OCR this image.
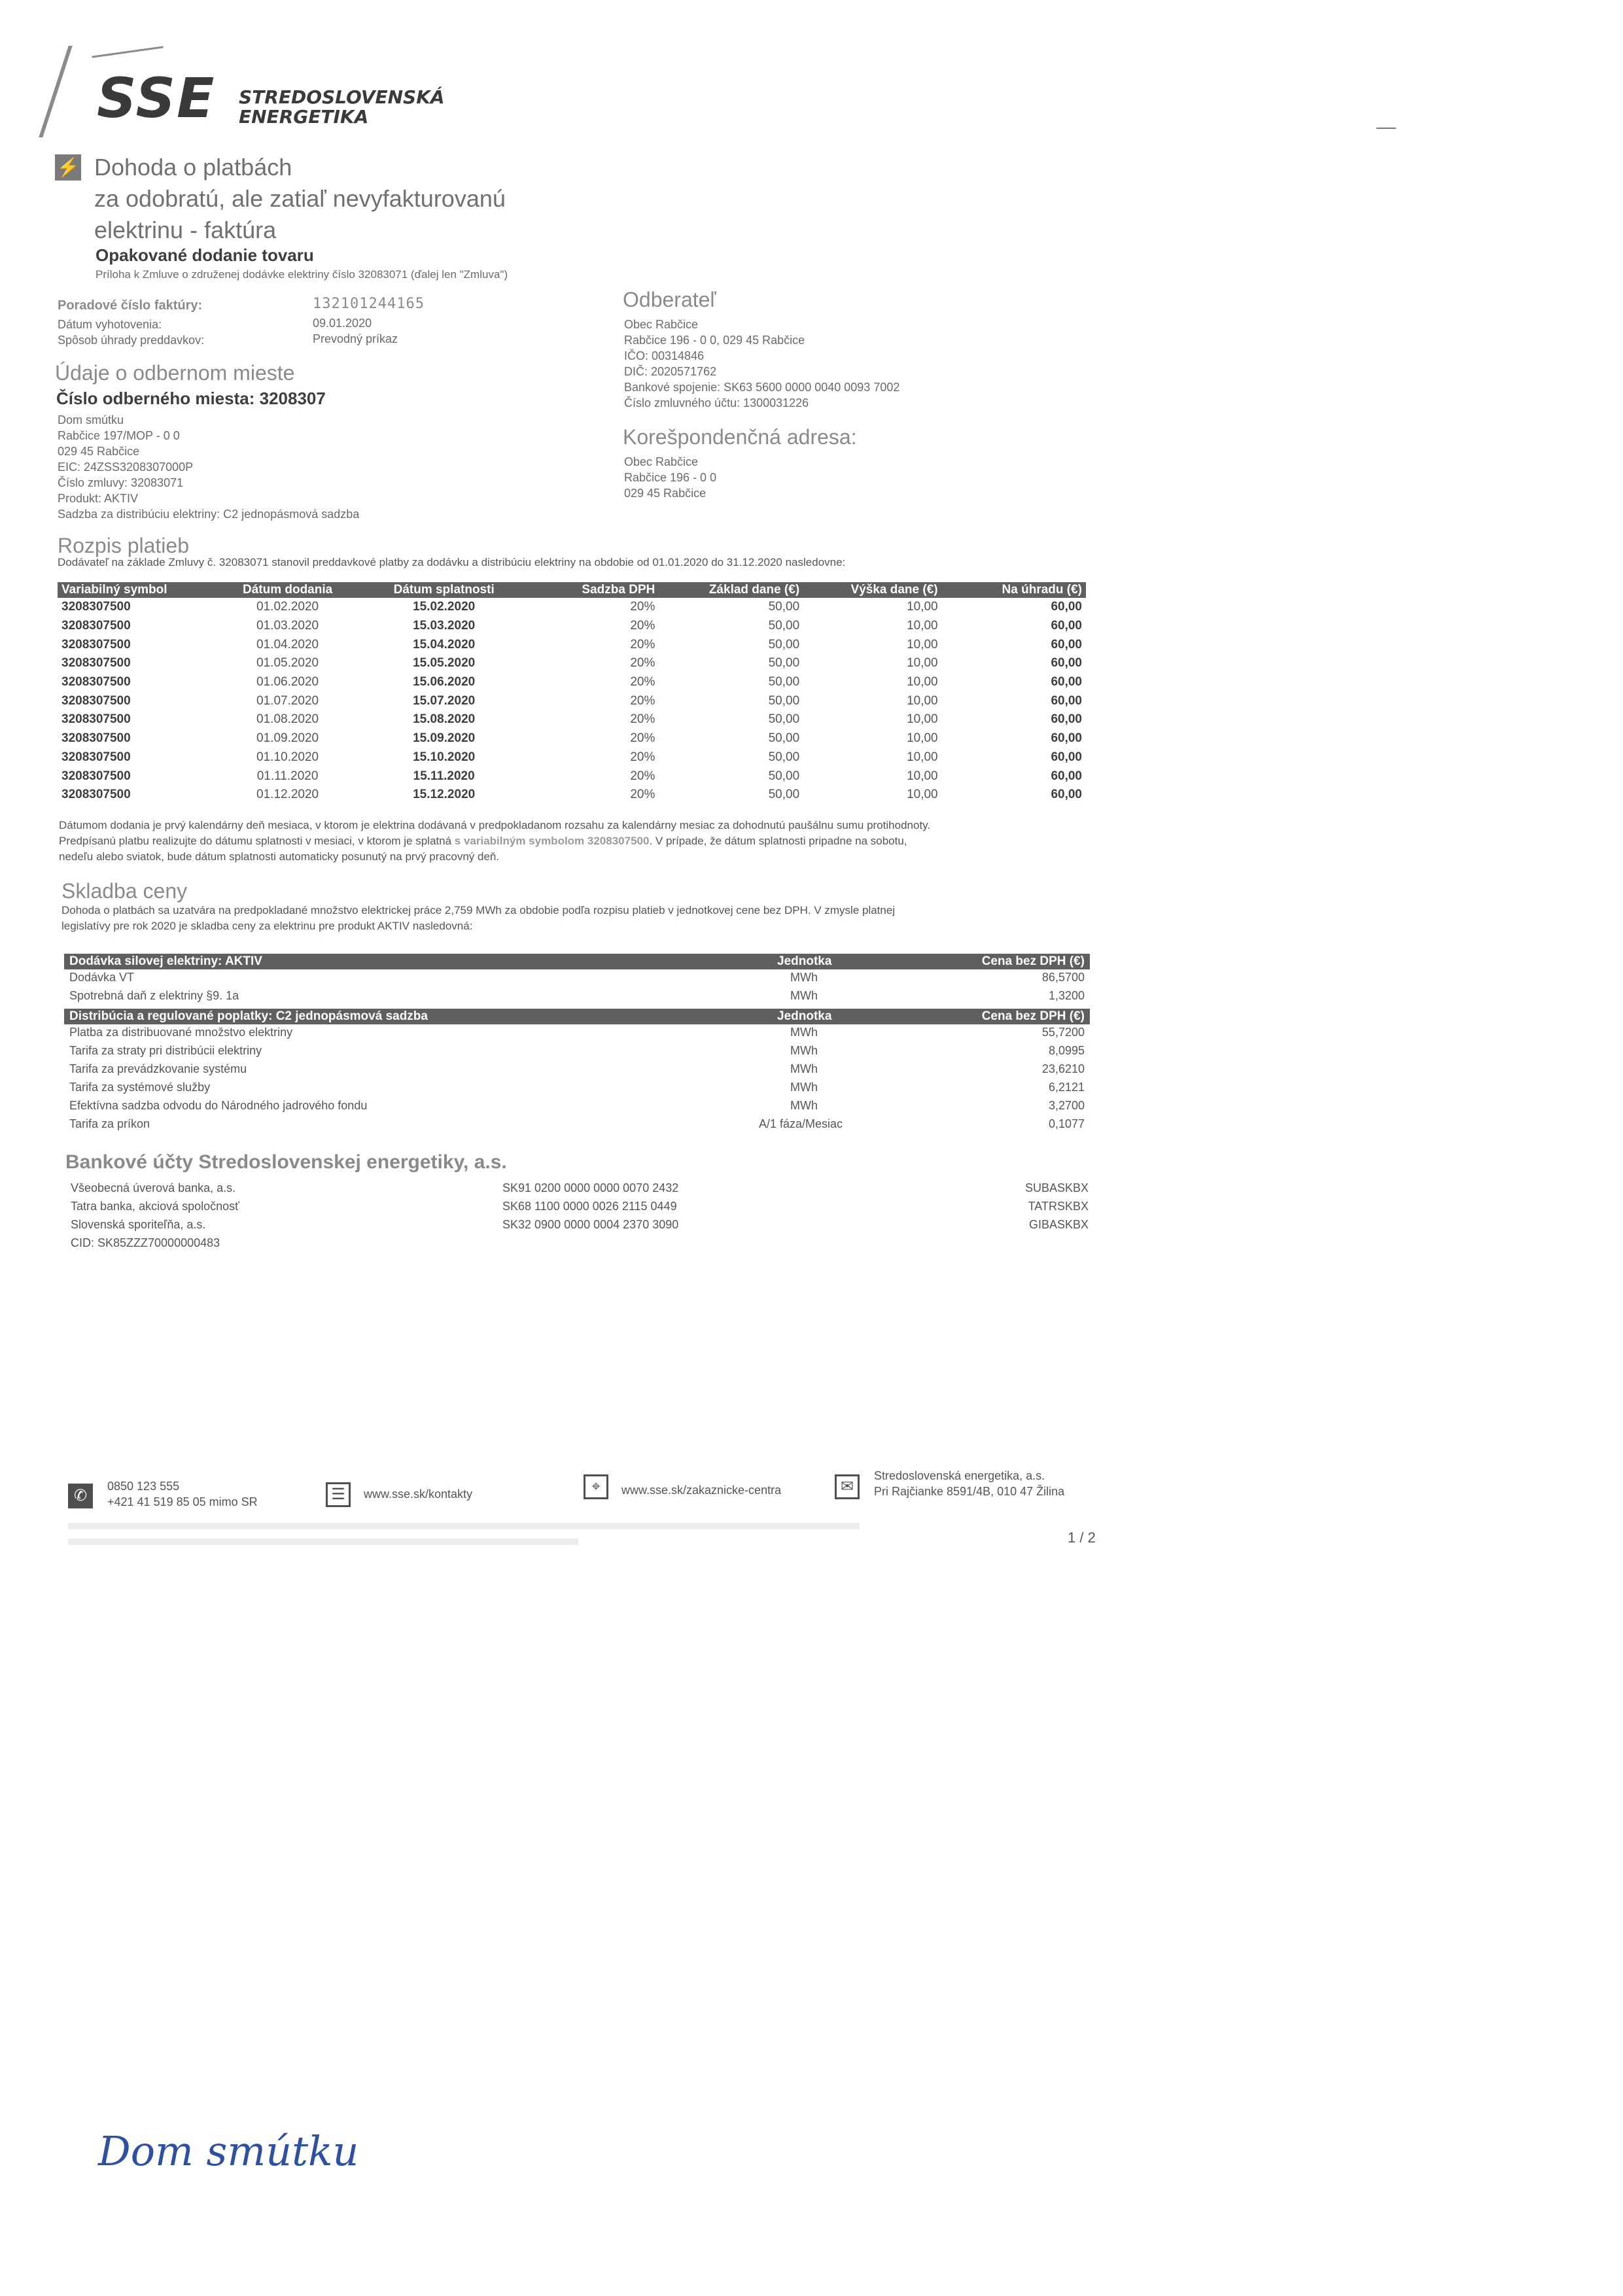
SSE STREDOSLOVENSKÁ
ENERGETIKA
⚡ Dohoda o platbách
za odobratú, ale zatiaľ nevyfakturovanú
elektrinu - faktúra
Opakované dodanie tovaru
Príloha k Zmluve o združenej dodávke elektriny číslo 32083071 (ďalej len "Zmluva")
Poradové číslo faktúry:	132101244165
Dátum vyhotovenia:	09.01.2020
Spôsob úhrady preddavkov:	Prevodný príkaz
Údaje o odbernom mieste
Číslo odberného miesta: 3208307
Dom smútku
Rabčice 197/MOP - 0 0
029 45 Rabčice
EIC: 24ZSS3208307000P
Číslo zmluvy: 32083071
Produkt: AKTIV
Sadzba za distribúciu elektriny: C2 jednopásmová sadzba
Odberateľ
Obec Rabčice
Rabčice 196 - 0 0, 029 45 Rabčice
IČO: 00314846
DIČ: 2020571762
Bankové spojenie: SK63 5600 0000 0040 0093 7002
Číslo zmluvného účtu: 1300031226
Korešpondenčná adresa:
Obec Rabčice
Rabčice 196 - 0 0
029 45 Rabčice
Rozpis platieb
Dodávateľ na základe Zmluvy č. 32083071 stanovil preddavkové platby za dodávku a distribúciu elektriny na obdobie od 01.01.2020 do 31.12.2020 nasledovne:
Variabilný symbol	Dátum dodania	Dátum splatnosti	Sadzba DPH	Základ dane (€)	Výška dane (€)	Na úhradu (€)
3208307500	01.02.2020	15.02.2020	20%	50,00	10,00	60,00
3208307500	01.03.2020	15.03.2020	20%	50,00	10,00	60,00
3208307500	01.04.2020	15.04.2020	20%	50,00	10,00	60,00
3208307500	01.05.2020	15.05.2020	20%	50,00	10,00	60,00
3208307500	01.06.2020	15.06.2020	20%	50,00	10,00	60,00
3208307500	01.07.2020	15.07.2020	20%	50,00	10,00	60,00
3208307500	01.08.2020	15.08.2020	20%	50,00	10,00	60,00
3208307500	01.09.2020	15.09.2020	20%	50,00	10,00	60,00
3208307500	01.10.2020	15.10.2020	20%	50,00	10,00	60,00
3208307500	01.11.2020	15.11.2020	20%	50,00	10,00	60,00
3208307500	01.12.2020	15.12.2020	20%	50,00	10,00	60,00
Dátumom dodania je prvý kalendárny deň mesiaca, v ktorom je elektrina dodávaná v predpokladanom rozsahu za kalendárny mesiac za dohodnutú paušálnu sumu protihodnoty.
Predpísanú platbu realizujte do dátumu splatnosti v mesiaci, v ktorom je splatná s variabilným symbolom 3208307500. V prípade, že dátum splatnosti pripadne na sobotu,
nedeľu alebo sviatok, bude dátum splatnosti automaticky posunutý na prvý pracovný deň.
Skladba ceny
Dohoda o platbách sa uzatvára na predpokladané množstvo elektrickej práce 2,759 MWh za obdobie podľa rozpisu platieb v jednotkovej cene bez DPH. V zmysle platnej
legislatívy pre rok 2020 je skladba ceny za elektrinu pre produkt AKTIV nasledovná:
Dodávka silovej elektriny: AKTIV	Jednotka	Cena bez DPH (€)
Dodávka VT	MWh	86,5700
Spotrebná daň z elektriny §9. 1a	MWh	1,3200
Distribúcia a regulované poplatky: C2 jednopásmová sadzba	Jednotka	Cena bez DPH (€)
Platba za distribuované množstvo elektriny	MWh	55,7200
Tarifa za straty pri distribúcii elektriny	MWh	8,0995
Tarifa za prevádzkovanie systému	MWh	23,6210
Tarifa za systémové služby	MWh	6,2121
Efektívna sadzba odvodu do Národného jadrového fondu	MWh	3,2700
Tarifa za príkon	A/1 fáza/Mesiac	0,1077
Bankové účty Stredoslovenskej energetiky, a.s.
Všeobecná úverová banka, a.s.	SK91 0200 0000 0000 0070 2432	SUBASKBX
Tatra banka, akciová spoločnosť	SK68 1100 0000 0026 2115 0449	TATRSKBX
Slovenská sporiteľňa, a.s.	SK32 0900 0000 0004 2370 3090	GIBASKBX
CID: SK85ZZZ70000000483
✆
0850 123 555
+421 41 519 85 05 mimo SR	☰	www.sse.sk/kontakty	⌖	www.sse.sk/zakaznicke-centra	✉
Stredoslovenská energetika, a.s.
Pri Rajčianke 8591/4B, 010 47 Žilina
1 / 2
Dom smútku
